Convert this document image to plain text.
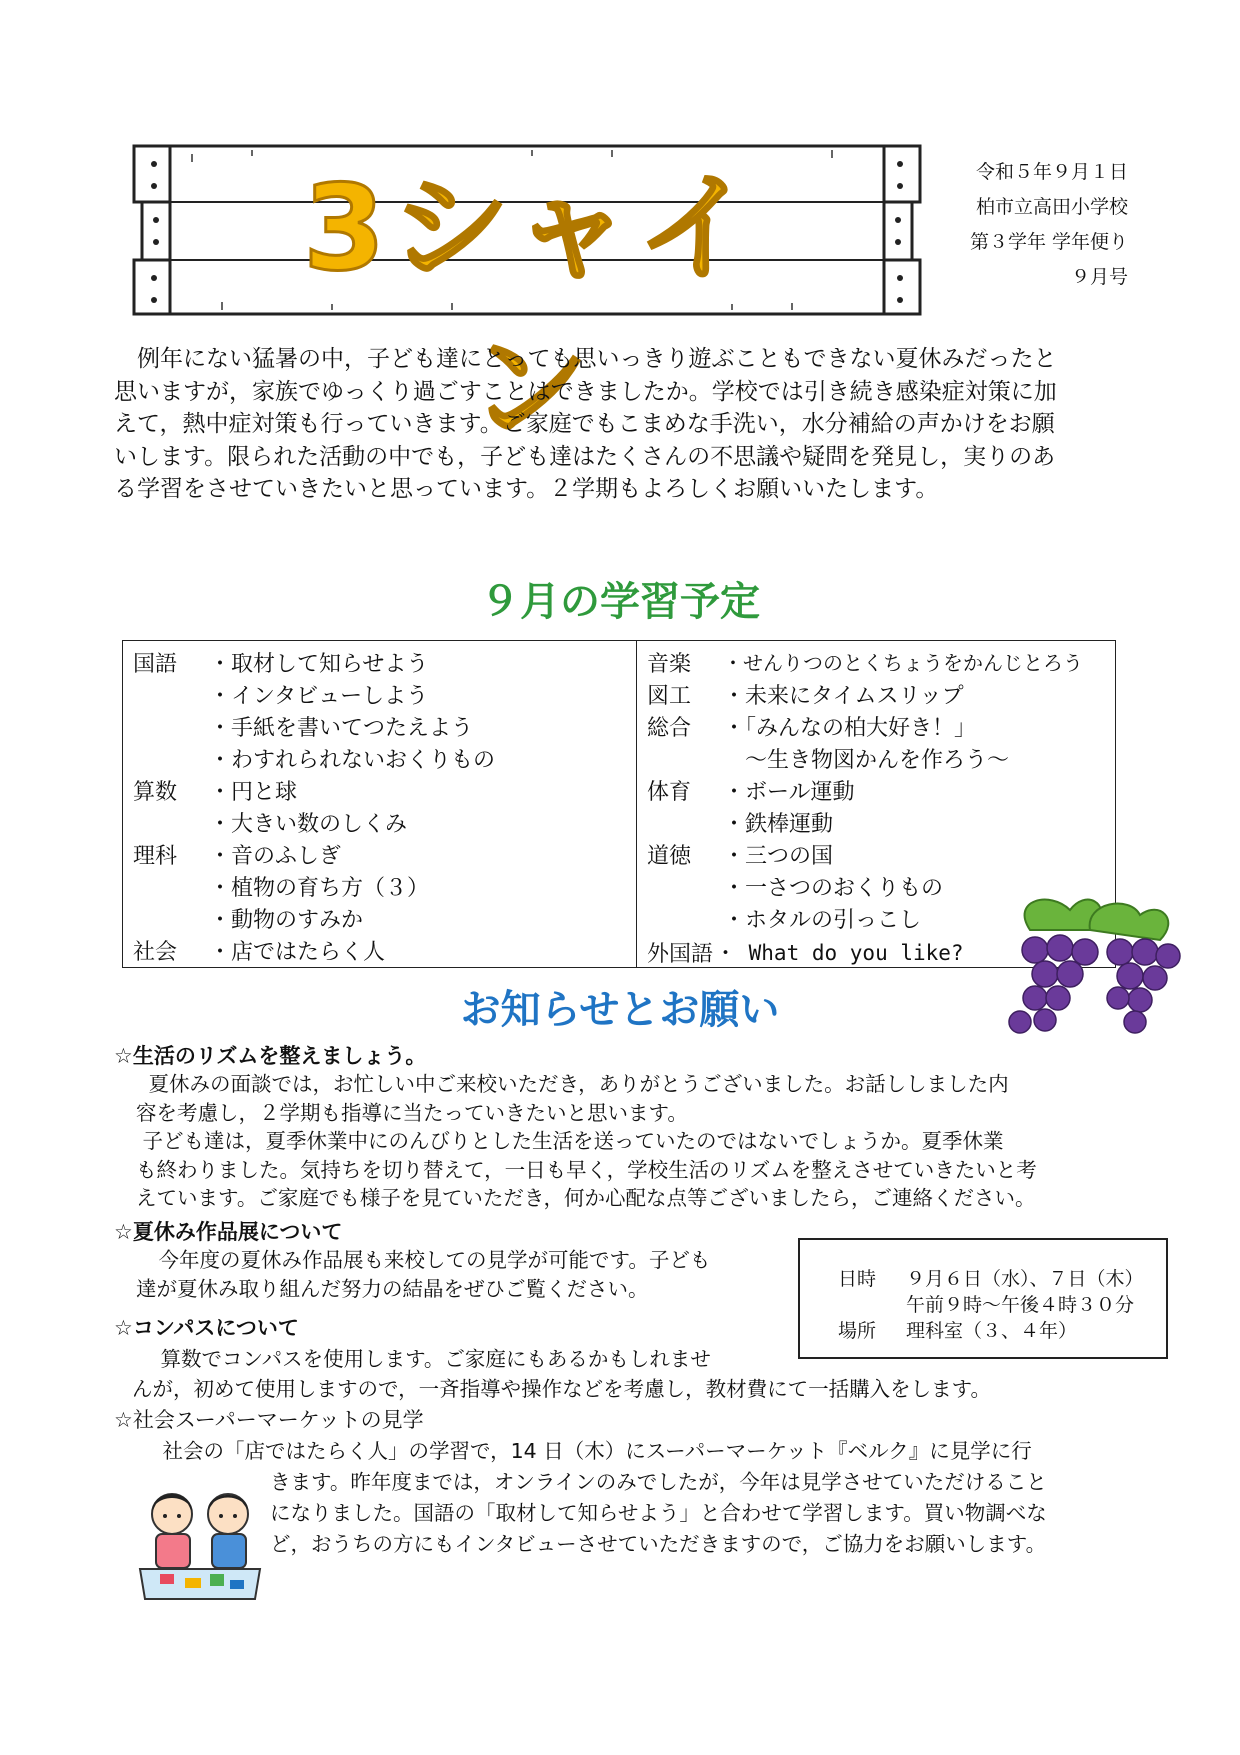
3シャイン
令和５年９月１日
柏市立高田小学校
第３学年 学年便り
９月号
　例年にない猛暑の中，子ども達にとっても思いっきり遊ぶこともできない夏休みだったと
思いますが，家族でゆっくり過ごすことはできましたか。学校では引き続き感染症対策に加
えて，熱中症対策も行っていきます。ご家庭でもこまめな手洗い，水分補給の声かけをお願
いします。限られた活動の中でも，子ども達はたくさんの不思議や疑問を発見し，実りのあ
る学習をさせていきたいと思っています。２学期もよろしくお願いいたします。
９月の学習予定
国語 ・取材して知らせよう
・インタビューしよう
・手紙を書いてつたえよう
・わすれられないおくりもの
算数 ・円と球
・大きい数のしくみ
理科 ・音のふしぎ
・植物の育ち方（３）
・動物のすみか
社会 ・店ではたらく人
音楽 ・せんりつのとくちょうをかんじとろう
図工 ・未来にタイムスリップ
総合 ・「みんなの柏大好き！」
～生き物図かんを作ろう～
体育 ・ボール運動
・鉄棒運動
道徳 ・三つの国
・一さつのおくりもの
・ホタルの引っこし
外国語 ・ What do you like?
お知らせとお願い
☆生活のリズムを整えましょう。
　夏休みの面談では，お忙しい中ご来校いただき，ありがとうございました。お話ししました内
容を考慮し，２学期も指導に当たっていきたいと思います。
　子ども達は，夏季休業中にのんびりとした生活を送っていたのではないでしょうか。夏季休業
も終わりました。気持ちを切り替えて，一日も早く，学校生活のリズムを整えさせていきたいと考
えています。ご家庭でも様子を見ていただき，何か心配な点等ございましたら，ご連絡ください。
☆夏休み作品展について
　今年度の夏休み作品展も来校しての見学が可能です。子ども
達が夏休み取り組んだ努力の結晶をぜひご覧ください。	日時 ９月６日（水）、７日（木）
午前９時～午後４時３０分
場所 理科室（３、４年）
☆コンパスについて
　算数でコンパスを使用します。ご家庭にもあるかもしれませ
んが，初めて使用しますので，一斉指導や操作などを考慮し，教材費にて一括購入をします。
☆社会スーパーマーケットの見学
　社会の「店ではたらく人」の学習で，14 日（木）にスーパーマーケット『ベルク』に見学に行
きます。昨年度までは，オンラインのみでしたが，今年は見学させていただけること
になりました。国語の「取材して知らせよう」と合わせて学習します。買い物調べな
ど，おうちの方にもインタビューさせていただきますので，ご協力をお願いします。
